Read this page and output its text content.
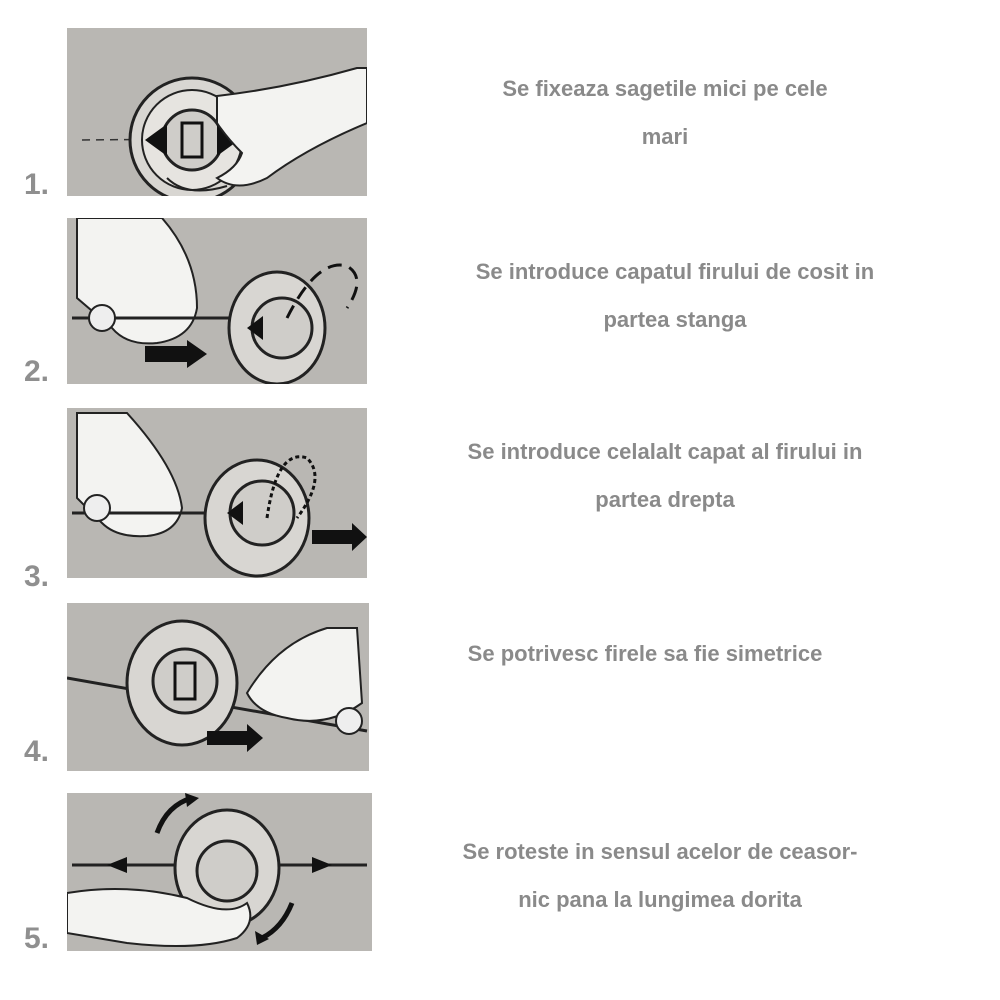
1.
Se fixeaza sagetile mici pe cele
mari
2.
Se introduce capatul firului de cosit in
partea stanga
3.
Se introduce celalalt capat al firului in
partea drepta
4.
Se potrivesc firele sa fie simetrice
5.
Se roteste in sensul acelor de ceasor-
nic pana la lungimea dorita
